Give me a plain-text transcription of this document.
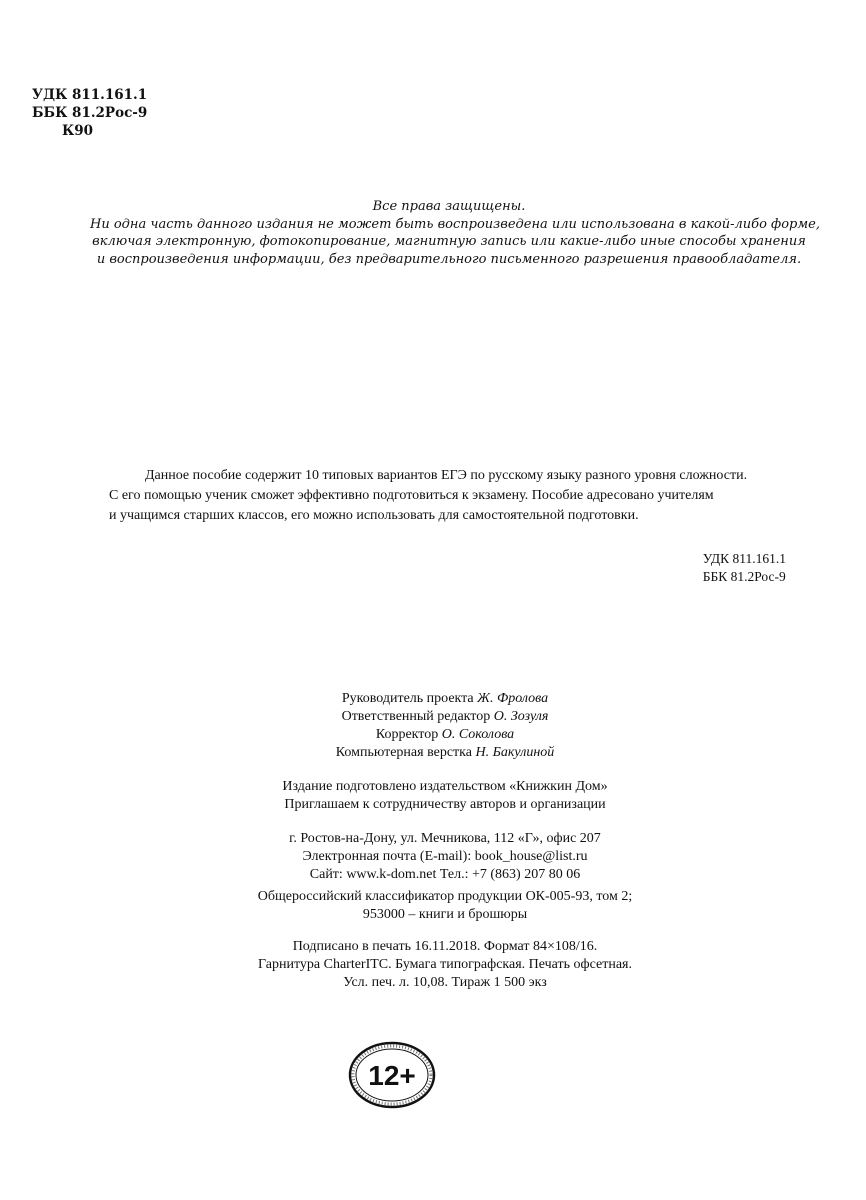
УДК 811.161.1
ББК 81.2Рос-9
К90
Все права защищены.
Ни одна часть данного издания не может быть воспроизведена или использована в какой-либо форме,
включая электронную, фотокопирование, магнитную запись или какие-либо иные способы хранения
и воспроизведения информации, без предварительного письменного разрешения правообладателя.
Данное пособие содержит 10 типовых вариантов ЕГЭ по русскому языку разного уровня сложности.
С его помощью ученик сможет эффективно подготовиться к экзамену. Пособие адресовано учителям
и учащимся старших классов, его можно использовать для самостоятельной подготовки.
УДК 811.161.1
ББК 81.2Рос-9
Руководитель проекта Ж. Фролова
Ответственный редактор О. Зозуля
Корректор О. Соколова
Компьютерная верстка Н. Бакулиной
Издание подготовлено издательством «Книжкин Дом»
Приглашаем к сотрудничеству авторов и организации
г. Ростов-на-Дону, ул. Мечникова, 112 «Г», офис 207
Электронная почта (E-mail): book_house@list.ru
Сайт: www.k-dom.net Тел.: +7 (863) 207 80 06
Общероссийский классификатор продукции ОК-005-93, том 2;
953000 – книги и брошюры
Подписано в печать 16.11.2018. Формат 84×108/16.
Гарнитура CharterITC. Бумага типографская. Печать офсетная.
Усл. печ. л. 10,08. Тираж 1 500 экз
12+
